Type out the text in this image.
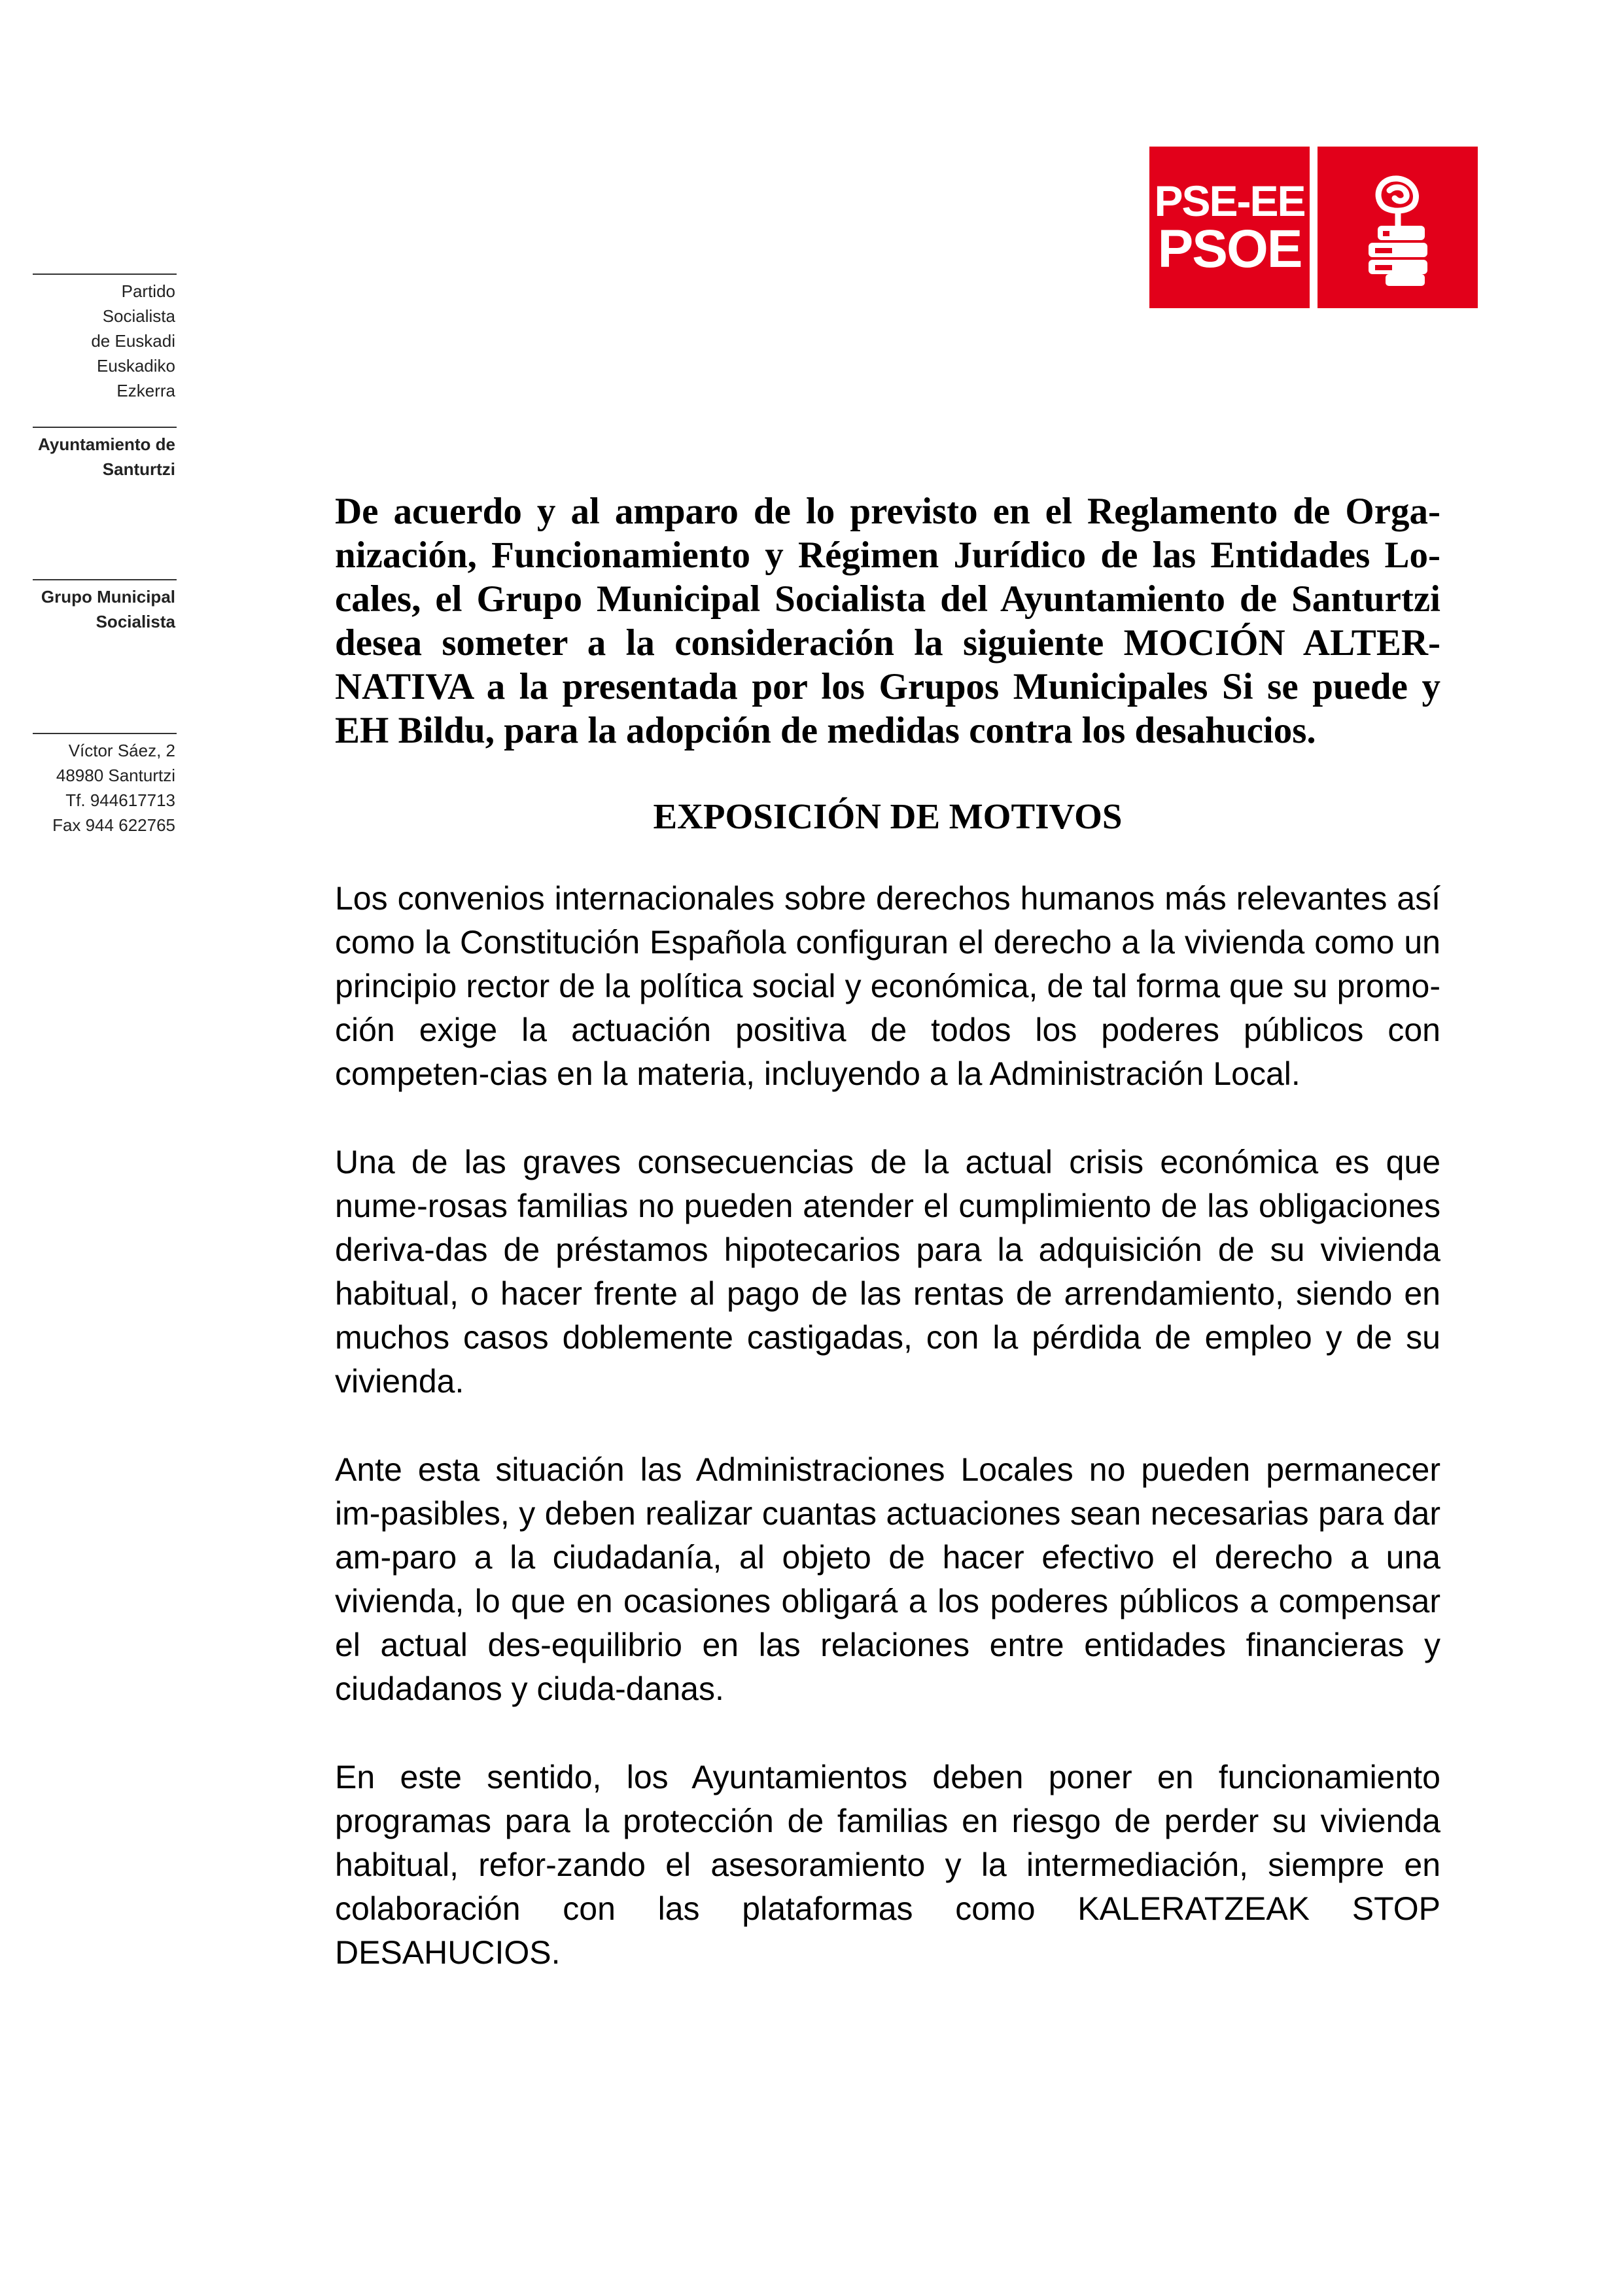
Partido
Socialista
de Euskadi
Euskadiko
Ezkerra
Ayuntamiento de
Santurtzi
Grupo Municipal
Socialista
Víctor Sáez, 2
48980 Santurtzi
Tf. 944617713
Fax 944 622765
PSE-EE
PSOE
De acuerdo y al amparo de lo previsto en el Reglamento de Orga-nización, Funcionamiento y Régimen Jurídico de las Entidades Lo-cales, el Grupo Municipal Socialista del Ayuntamiento de Santurtzi desea someter a la consideración la siguiente MOCIÓN ALTER-NATIVA a la presentada por los Grupos Municipales Si se puede y EH Bildu, para la adopción de medidas contra los desahucios.
EXPOSICIÓN DE MOTIVOS

Los convenios internacionales sobre derechos humanos más relevantes así como la Constitución Española configuran el derecho a la vivienda como un principio rector de la política social y económica, de tal forma que su promo-ción exige la actuación positiva de todos los poderes públicos con competen-cias en la materia, incluyendo a la Administración Local.

Una de las graves consecuencias de la actual crisis económica es que nume-rosas familias no pueden atender el cumplimiento de las obligaciones deriva-das de préstamos hipotecarios para la adquisición de su vivienda habitual, o hacer frente al pago de las rentas de arrendamiento, siendo en muchos casos doblemente castigadas, con la pérdida de empleo y de su vivienda.

Ante esta situación las Administraciones Locales no pueden permanecer im-pasibles, y deben realizar cuantas actuaciones sean necesarias para dar am-paro a la ciudadanía, al objeto de hacer efectivo el derecho a una vivienda, lo que en ocasiones obligará a los poderes públicos a compensar el actual des-equilibrio en las relaciones entre entidades financieras y ciudadanos y ciuda-danas.

En este sentido, los Ayuntamientos deben poner en funcionamiento programas para la protección de familias en riesgo de perder su vivienda habitual, refor-zando el asesoramiento y la intermediación, siempre en colaboración con las plataformas como KALERATZEAK STOP DESAHUCIOS.
